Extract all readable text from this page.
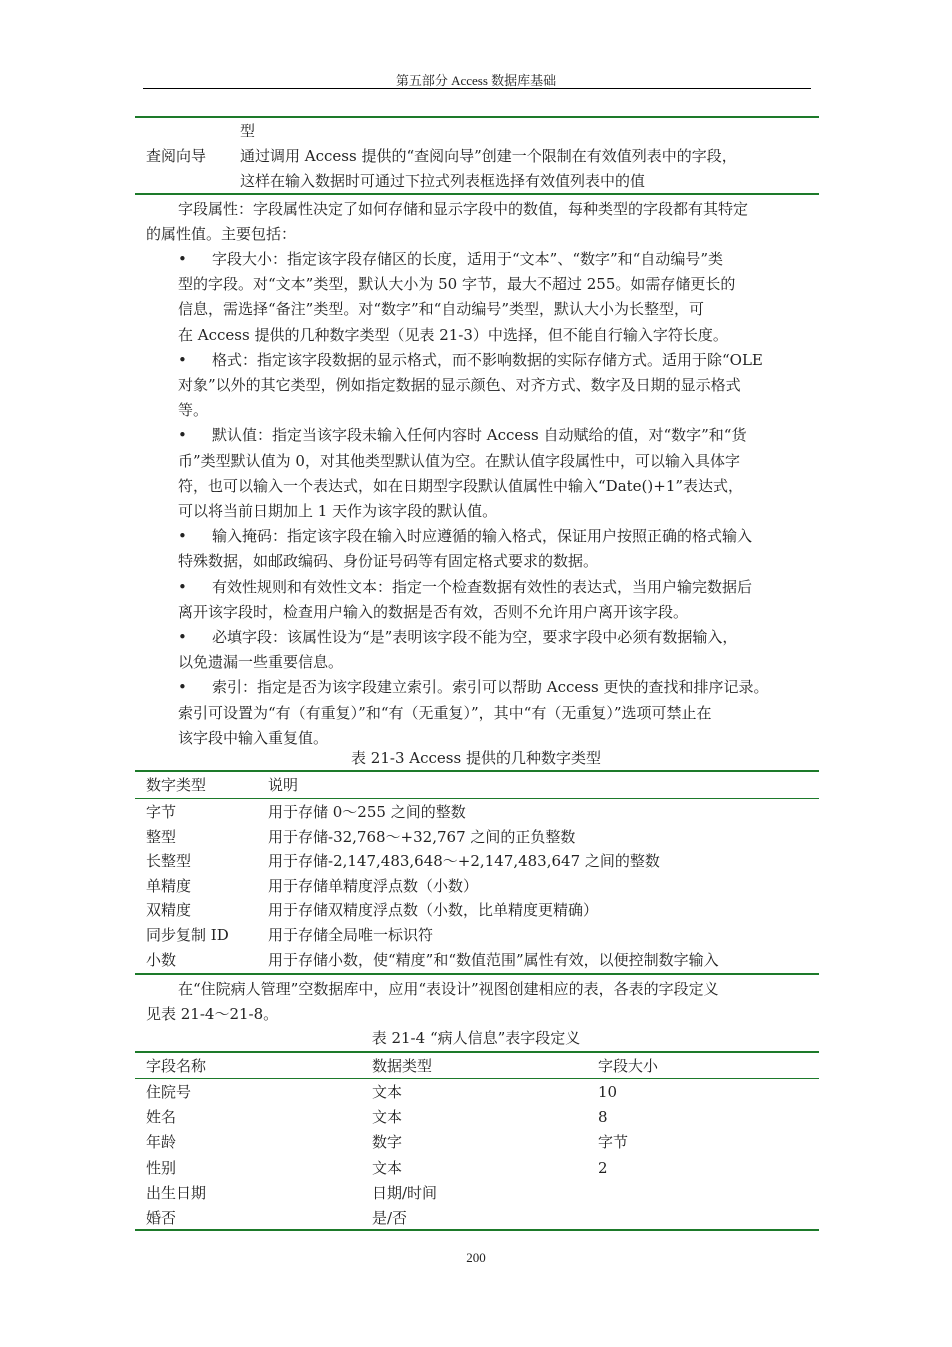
第五部分 Access 数据库基础
型
查阅向导 通过调用 Access 提供的“查阅向导”创建一个限制在有效值列表中的字段，
这样在输入数据时可通过下拉式列表框选择有效值列表中的值
字段属性：字段属性决定了如何存储和显示字段中的数值，每种类型的字段都有其特定
的属性值。主要包括：
• 字段大小：指定该字段存储区的长度，适用于“文本”、“数字”和“自动编号”类
型的字段。对“文本”类型，默认大小为 50 字节，最大不超过 255。如需存储更长的
信息，需选择“备注”类型。对“数字”和“自动编号”类型，默认大小为长整型，可
在 Access 提供的几种数字类型（见表 21-3）中选择，但不能自行输入字符长度。
• 格式：指定该字段数据的显示格式，而不影响数据的实际存储方式。适用于除“OLE
对象”以外的其它类型，例如指定数据的显示颜色、对齐方式、数字及日期的显示格式
等。
• 默认值：指定当该字段未输入任何内容时 Access 自动赋给的值，对“数字”和“货
币”类型默认值为 0，对其他类型默认值为空。在默认值字段属性中，可以输入具体字
符，也可以输入一个表达式，如在日期型字段默认值属性中输入“Date()+1”表达式，
可以将当前日期加上 1 天作为该字段的默认值。
• 输入掩码：指定该字段在输入时应遵循的输入格式，保证用户按照正确的格式输入
特殊数据，如邮政编码、身份证号码等有固定格式要求的数据。
• 有效性规则和有效性文本：指定一个检查数据有效性的表达式，当用户输完数据后
离开该字段时，检查用户输入的数据是否有效，否则不允许用户离开该字段。
• 必填字段：该属性设为“是”表明该字段不能为空，要求字段中必须有数据输入，
以免遗漏一些重要信息。
• 索引：指定是否为该字段建立索引。索引可以帮助 Access 更快的查找和排序记录。
索引可设置为“有（有重复）”和“有（无重复）”，其中“有（无重复）”选项可禁止在
该字段中输入重复值。
表 21-3 Access 提供的几种数字类型
数字类型	说明
字节	用于存储 0～255 之间的整数
整型	用于存储-32,768～+32,767 之间的正负整数
长整型	用于存储-2,147,483,648～+2,147,483,647 之间的整数
单精度	用于存储单精度浮点数（小数）
双精度	用于存储双精度浮点数（小数，比单精度更精确）
同步复制 ID	用于存储全局唯一标识符
小数	用于存储小数，使“精度”和“数值范围”属性有效，以便控制数字输入
在“住院病人管理”空数据库中，应用“表设计”视图创建相应的表，各表的字段定义
见表 21-4～21-8。
表 21-4 “病人信息”表字段定义
字段名称	数据类型	字段大小
住院号	文本	10
姓名	文本	8
年龄	数字	字节
性别	文本	2
出生日期	日期/时间
婚否	是/否
200
